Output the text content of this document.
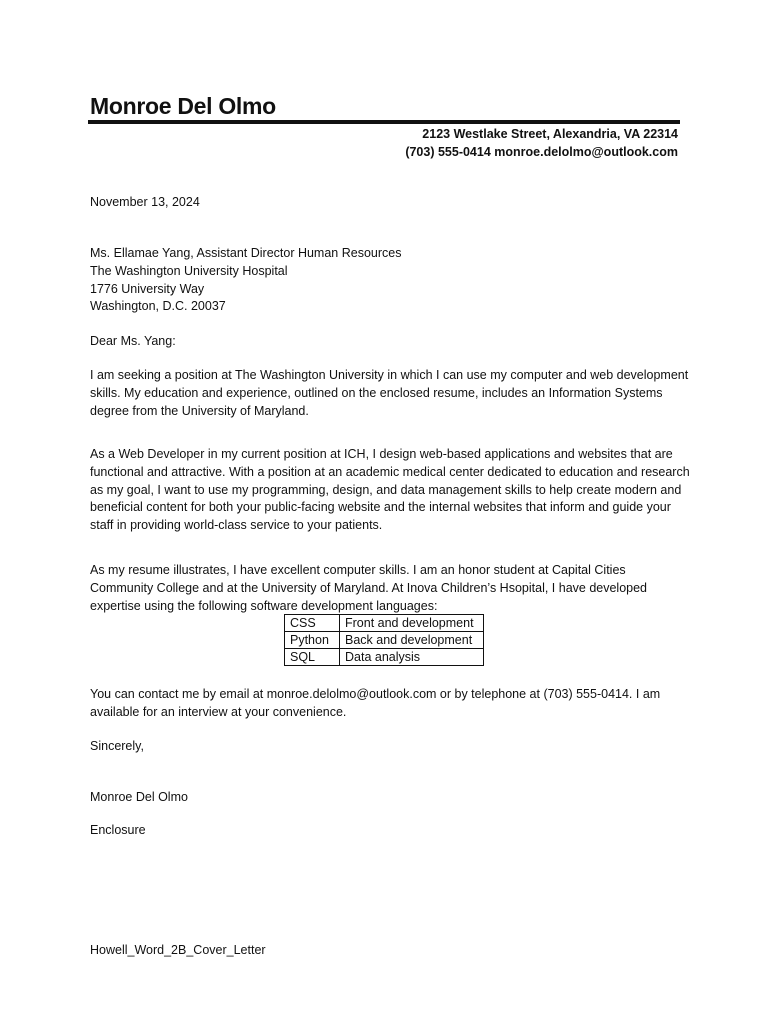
Monroe Del Olmo
2123 Westlake Street, Alexandria, VA 22314
(703) 555-0414 monroe.delolmo@outlook.com

November 13, 2024

Ms. Ellamae Yang, Assistant Director Human Resources
The Washington University Hospital
1776 University Way
Washington, D.C. 20037

Dear Ms. Yang:

I am seeking a position at The Washington University in which I can use my computer and web development skills. My education and experience, outlined on the enclosed resume, includes an Information Systems degree from the University of Maryland.

As a Web Developer in my current position at ICH, I design web-based applications and websites that are functional and attractive. With a position at an academic medical center dedicated to education and research as my goal, I want to use my programming, design, and data management skills to help create modern and beneficial content for both your public-facing website and the internal websites that inform and guide your staff in providing world-class service to your patients.

As my resume illustrates, I have excellent computer skills. I am an honor student at Capital Cities Community College and at the University of Maryland. At Inova Children’s Hsopital, I have developed expertise using the following software development languages:

CSS	Front and development
Python	Back and development
SQL	Data analysis

You can contact me by email at monroe.delolmo@outlook.com or by telephone at (703) 555-0414. I am available for an interview at your convenience.

Sincerely,

Monroe Del Olmo

Enclosure

Howell_Word_2B_Cover_Letter
